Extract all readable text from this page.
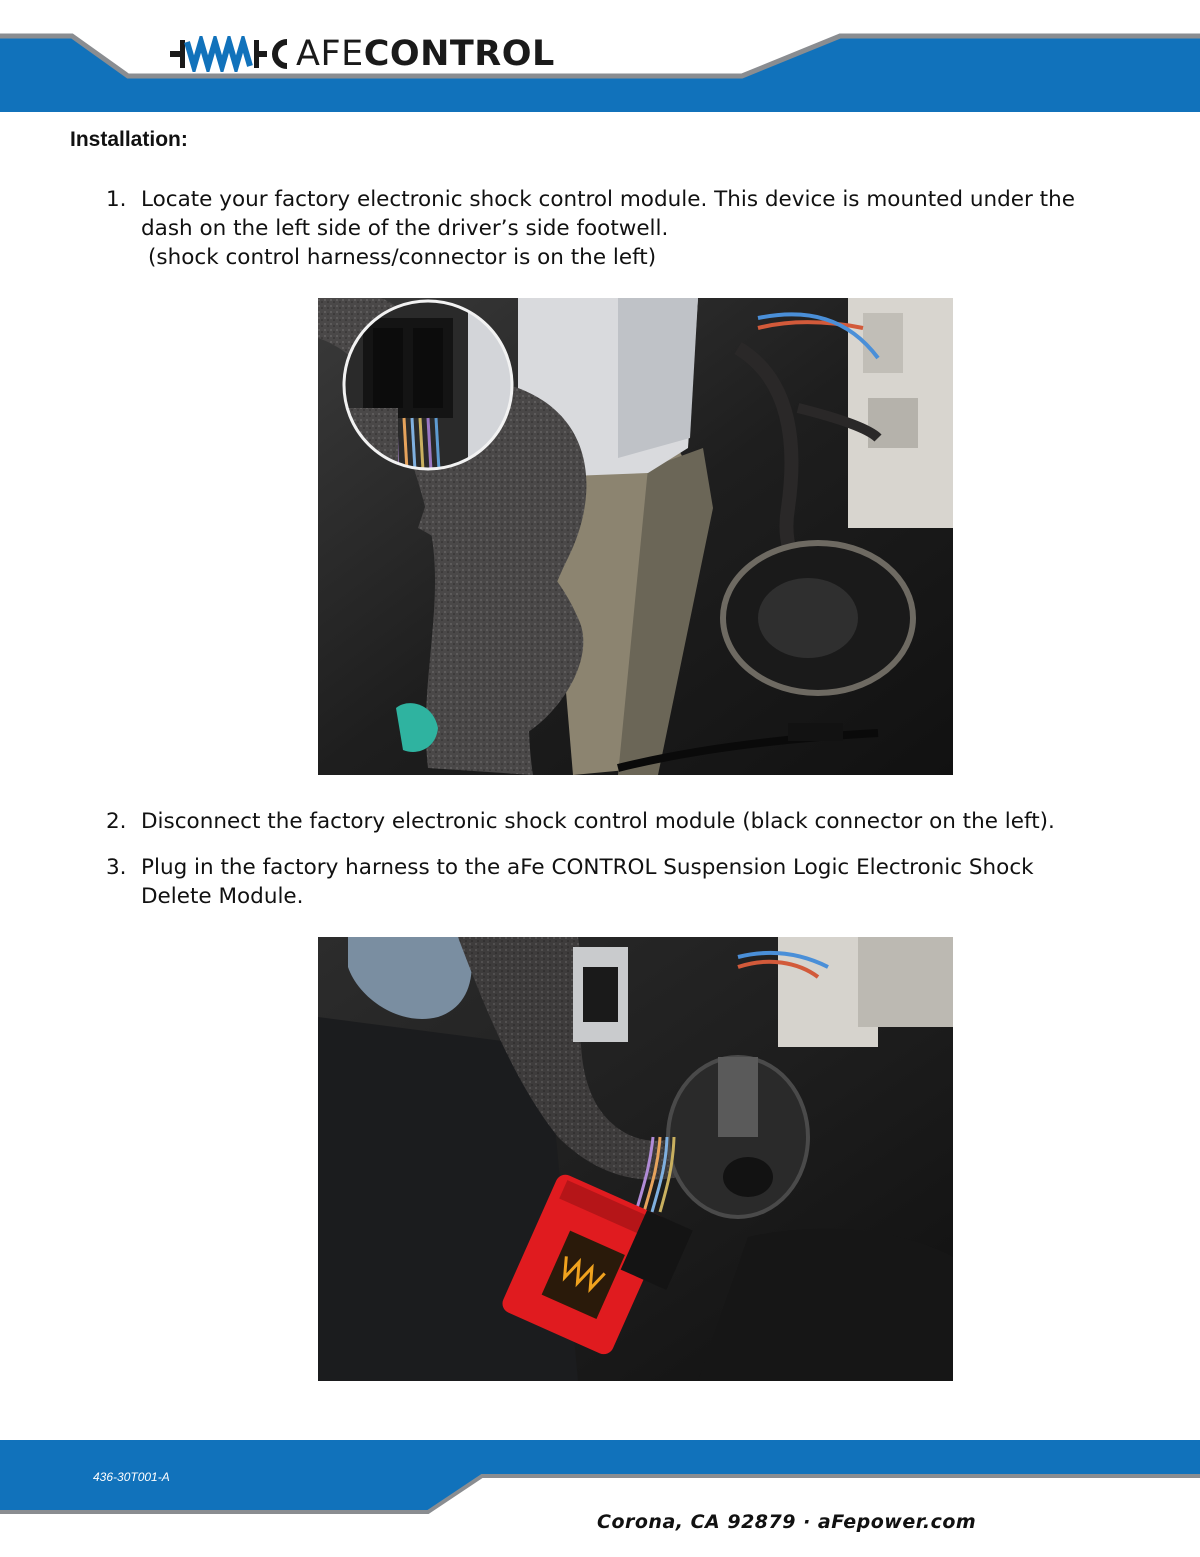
AFECONTROL
Installation:
1. Locate your factory electronic shock control module. This device is mounted under the
dash on the left side of the driver’s side footwell.
(shock control harness/connector is on the left)
2. Disconnect the factory electronic shock control module (black connector on the left).
3. Plug in the factory harness to the aFe CONTROL Suspension Logic Electronic Shock
Delete Module.
436-30T001-A
Corona, CA 92879 · aFepower.com
